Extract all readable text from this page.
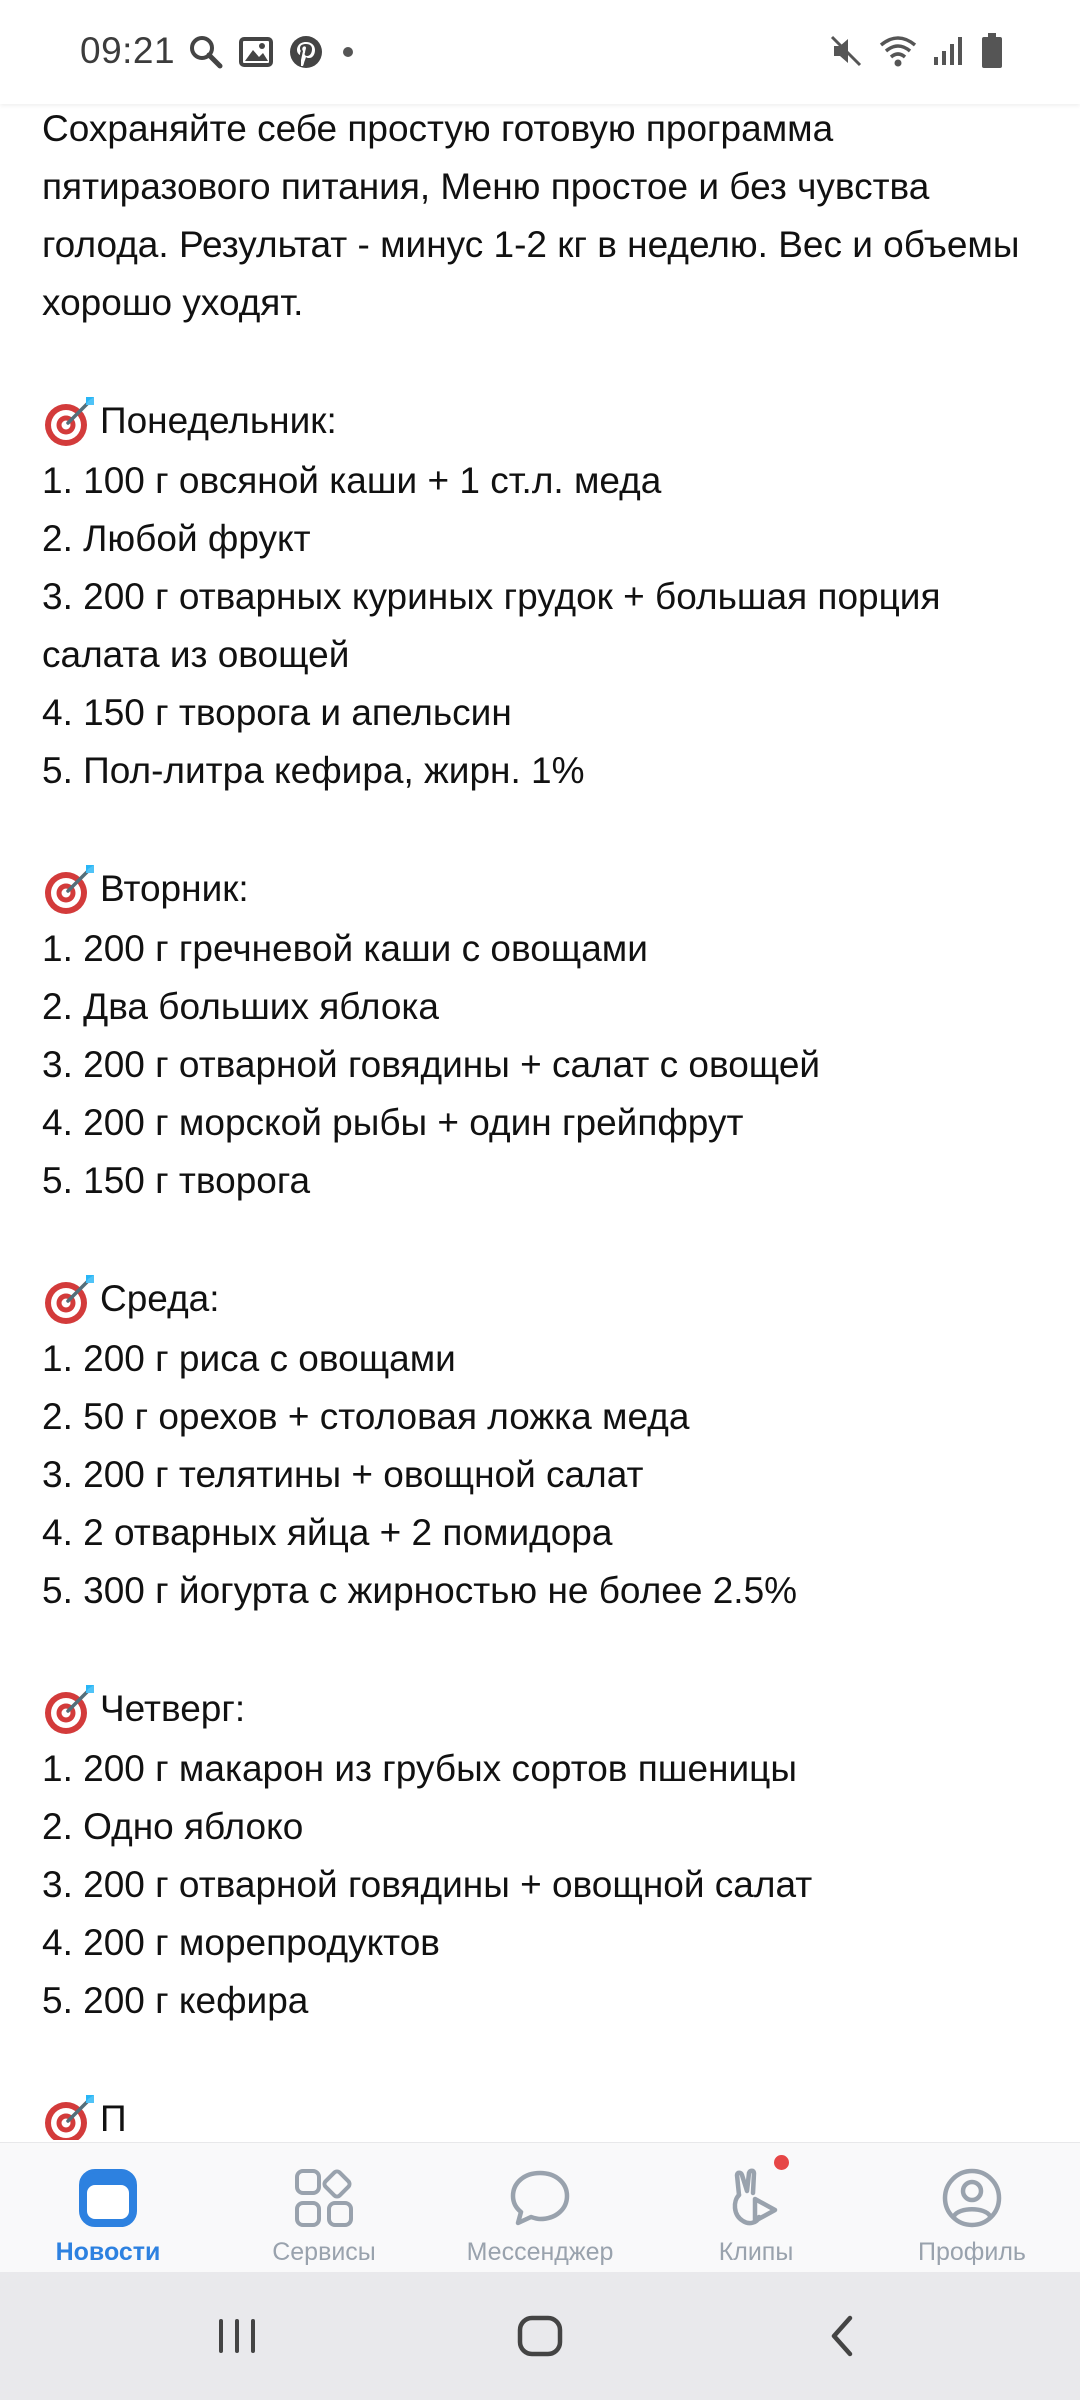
09:21

Сохраняйте себе простую готовую программа пятиразового питания, Меню простое и без чувства голода. Результат - минус 1-2 кг в неделю. Вес и объемы хорошо уходят.

Понедельник:
1. 100 г овсяной каши + 1 ст.л. меда
2. Любой фрукт
3. 200 г отварных куриных грудок + большая порция салата из овощей
4. 150 г творога и апельсин
5. Пол-литра кефира, жирн. 1%
Вторник:
1. 200 г гречневой каши с овощами
2. Два больших яблока
3. 200 г отварной говядины + салат с овощей
4. 200 г морской рыбы + один грейпфрут
5. 150 г творога
Среда:
1. 200 г риса с овощами
2. 50 г орехов + столовая ложка меда
3. 200 г телятины + овощной салат
4. 2 отварных яйца + 2 помидора
5. 300 г йогурта с жирностью не более 2.5%
Четверг:
1. 200 г макарон из грубых сортов пшеницы
2. Одно яблоко
3. 200 г отварной говядины + овощной салат
4. 200 г морепродуктов
5. 200 г кефира
П
Новости	Сервисы	Мессенджер	Клипы	Профиль
